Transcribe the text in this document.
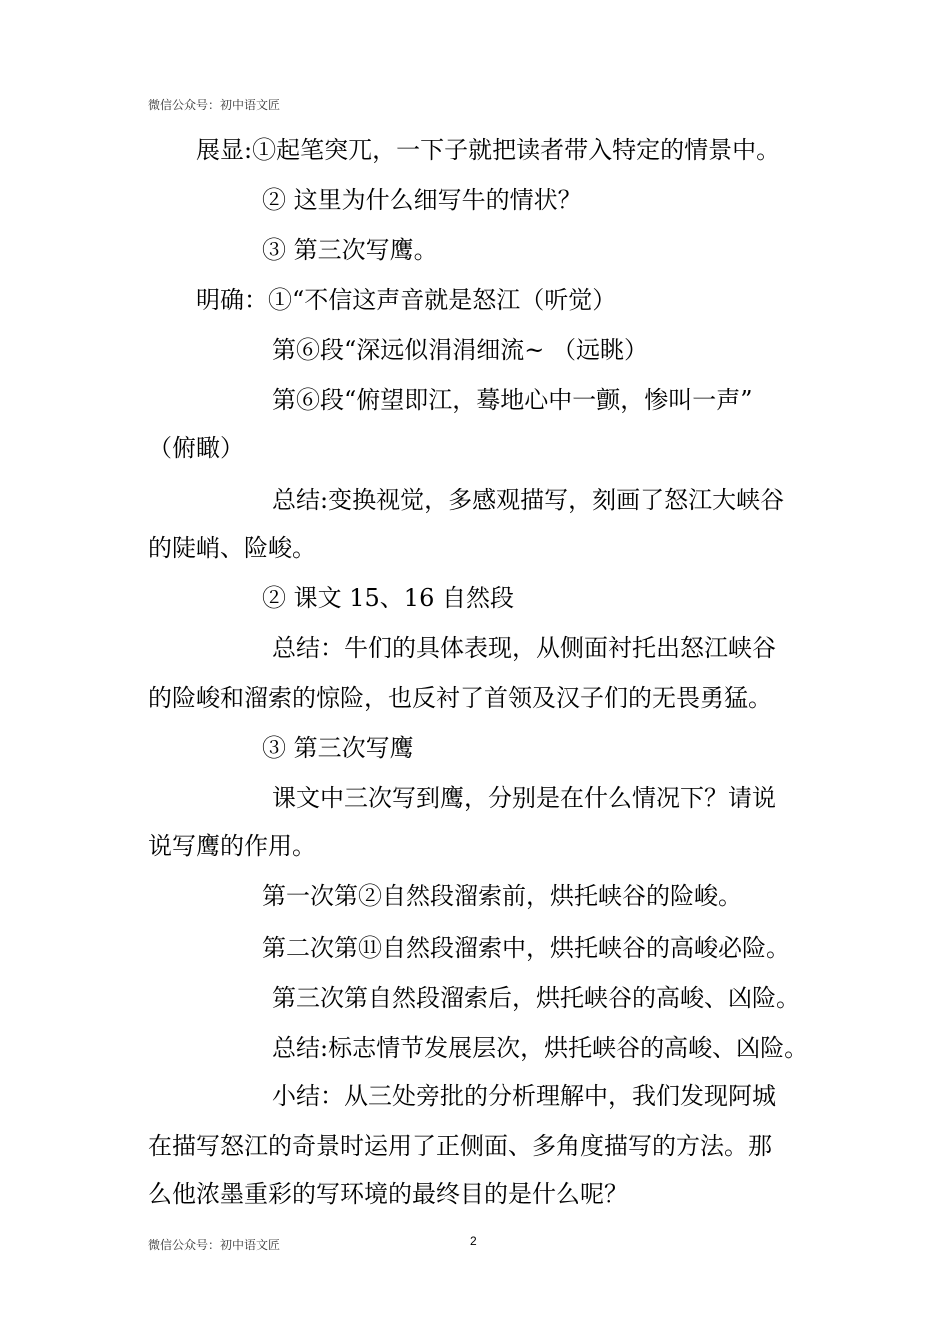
微信公众号：初中语文匠
展显:①起笔突兀，一下子就把读者带入特定的情景中。
② 这里为什么细写牛的情状？
③ 第三次写鹰。
明确：①“不信这声音就是怒江（听觉）
第⑥段“深远似涓涓细流~ （远眺）
第⑥段“俯望即江，蓦地心中一颤，惨叫一声”
（俯瞰）
总结:变换视觉，多感观描写，刻画了怒江大峡谷
的陡峭、险峻。
② 课文 15、16 自然段
总结：牛们的具体表现，从侧面衬托出怒江峡谷
的险峻和溜索的惊险，也反衬了首领及汉子们的无畏勇猛。
③ 第三次写鹰
课文中三次写到鹰，分别是在什么情况下？请说
说写鹰的作用。
第一次第②自然段溜索前，烘托峡谷的险峻。
第二次第⑪自然段溜索中，烘托峡谷的高峻必险。
第三次第自然段溜索后，烘托峡谷的高峻、凶险。
总结:标志情节发展层次，烘托峡谷的高峻、凶险。
小结：从三处旁批的分析理解中，我们发现阿城
在描写怒江的奇景时运用了正侧面、多角度描写的方法。那
么他浓墨重彩的写环境的最终目的是什么呢？
微信公众号：初中语文匠	2
